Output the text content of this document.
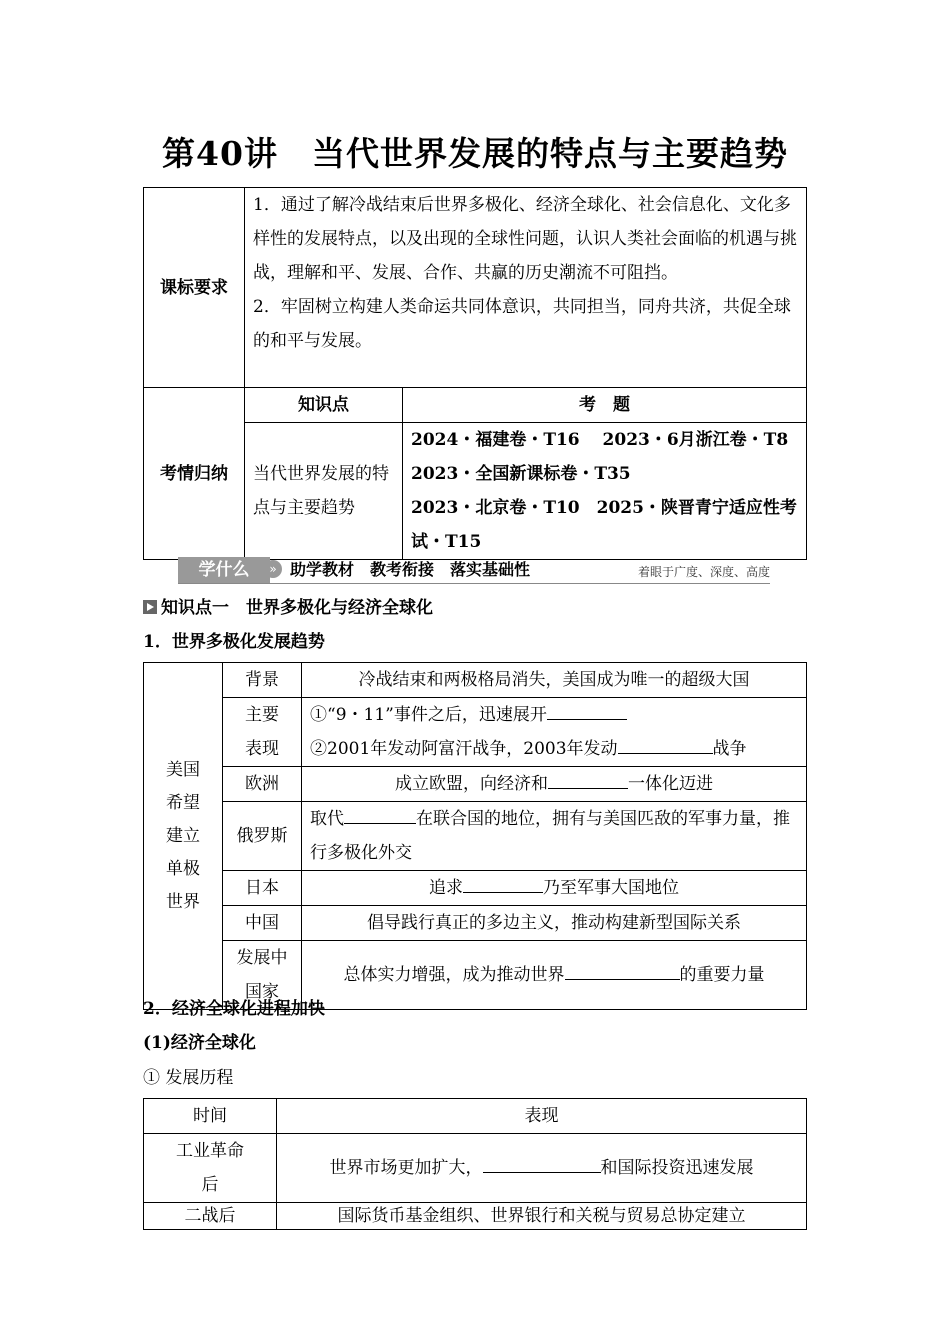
第40讲　当代世界发展的特点与主要趋势
课标要求	1．通过了解冷战结束后世界多极化、经济全球化、社会信息化、文化多样性的发展特点，以及出现的全球性问题，认识人类社会面临的机遇与挑战，理解和平、发展、合作、共赢的历史潮流不可阻挡。
2．牢固树立构建人类命运共同体意识，共同担当，同舟共济，共促全球的和平与发展。	

考情归纳	知识点	考　题
	当代世界发展的特点与主要趋势	2024・福建卷・T16　 2023・6月浙江卷・T8
2023・全国新课标卷・T35
2023・北京卷・T10　2025・陕晋青宁适应性考试・T15
学什么	» 助学教材　教考衔接　落实基础性	着眼于广度、深度、高度
知识点一　世界多极化与经济全球化
1．世界多极化发展趋势
美国希望建立单极世界	背景	冷战结束和两极格局消失，美国成为唯一的超级大国
	主要表现	①“9・11”事件之后，迅速展开
②2001年发动阿富汗战争，2003年发动 战争

	欧洲	成立欧盟，向经济和 一体化迈进
	俄罗斯	取代 在联合国的地位，拥有与美国匹敌的军事力量，推行多极化外交
	日本	追求 乃至军事大国地位
	中国	倡导践行真正的多边主义，推动构建新型国际关系
	发展中国家	总体实力增强，成为推动世界 的重要力量
2．经济全球化进程加快
(1)经济全球化
① 发展历程
时间	表现
工业革命后	世界市场更加扩大， 和国际投资迅速发展
二战后	国际货币基金组织、世界银行和关税与贸易总协定建立
